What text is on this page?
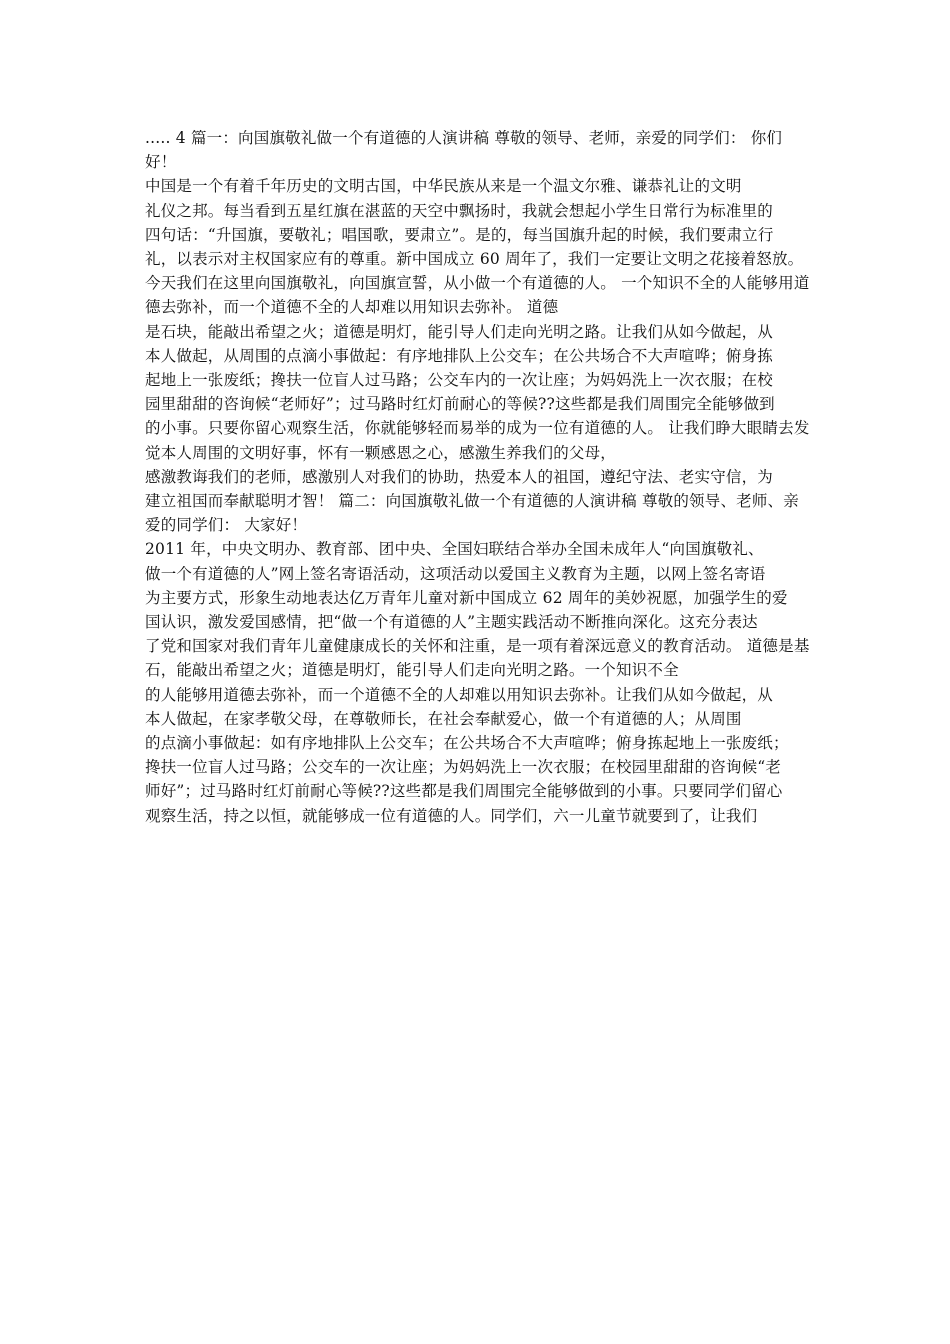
..... 4 篇一：向国旗敬礼做一个有道德的人演讲稿 尊敬的领导、老师，亲爱的同学们： 你们好！

中国是一个有着千年历史的文明古国，中华民族从来是一个温文尔雅、谦恭礼让的文明

礼仪之邦。每当看到五星红旗在湛蓝的天空中飘扬时，我就会想起小学生日常行为标准里的

四句话：“升国旗，要敬礼；唱国歌，要肃立”。是的，每当国旗升起的时候，我们要肃立行

礼，以表示对主权国家应有的尊重。新中国成立 60 周年了，我们一定要让文明之花接着怒放。

今天我们在这里向国旗敬礼，向国旗宣誓，从小做一个有道德的人。 一个知识不全的人能够用道德去弥补，而一个道德不全的人却难以用知识去弥补。 道德

是石块，能敲出希望之火；道德是明灯，能引导人们走向光明之路。让我们从如今做起，从

本人做起，从周围的点滴小事做起：有序地排队上公交车；在公共场合不大声喧哗；俯身拣

起地上一张废纸；搀扶一位盲人过马路；公交车内的一次让座；为妈妈洗上一次衣服；在校

园里甜甜的咨询候“老师好”；过马路时红灯前耐心的等候??这些都是我们周围完全能够做到

的小事。只要你留心观察生活，你就能够轻而易举的成为一位有道德的人。 让我们睁大眼睛去发觉本人周围的文明好事，怀有一颗感恩之心，感激生养我们的父母，

感激教诲我们的老师，感激别人对我们的协助，热爱本人的祖国，遵纪守法、老实守信，为

建立祖国而奉献聪明才智！ 篇二：向国旗敬礼做一个有道德的人演讲稿 尊敬的领导、老师、亲爱的同学们： 大家好！

2011 年，中央文明办、教育部、团中央、全国妇联结合举办全国未成年人“向国旗敬礼、

做一个有道德的人”网上签名寄语活动，这项活动以爱国主义教育为主题，以网上签名寄语

为主要方式，形象生动地表达亿万青年儿童对新中国成立 62 周年的美妙祝愿，加强学生的爱

国认识，激发爱国感情，把“做一个有道德的人”主题实践活动不断推向深化。这充分表达

了党和国家对我们青年儿童健康成长的关怀和注重，是一项有着深远意义的教育活动。 道德是基石，能敲出希望之火；道德是明灯，能引导人们走向光明之路。一个知识不全

的人能够用道德去弥补，而一个道德不全的人却难以用知识去弥补。让我们从如今做起，从

本人做起，在家孝敬父母，在尊敬师长，在社会奉献爱心，做一个有道德的人；从周围

的点滴小事做起：如有序地排队上公交车；在公共场合不大声喧哗；俯身拣起地上一张废纸；

搀扶一位盲人过马路；公交车的一次让座；为妈妈洗上一次衣服；在校园里甜甜的咨询候“老

师好”；过马路时红灯前耐心等候??这些都是我们周围完全能够做到的小事。只要同学们留心

观察生活，持之以恒，就能够成一位有道德的人。同学们，六一儿童节就要到了，让我们
